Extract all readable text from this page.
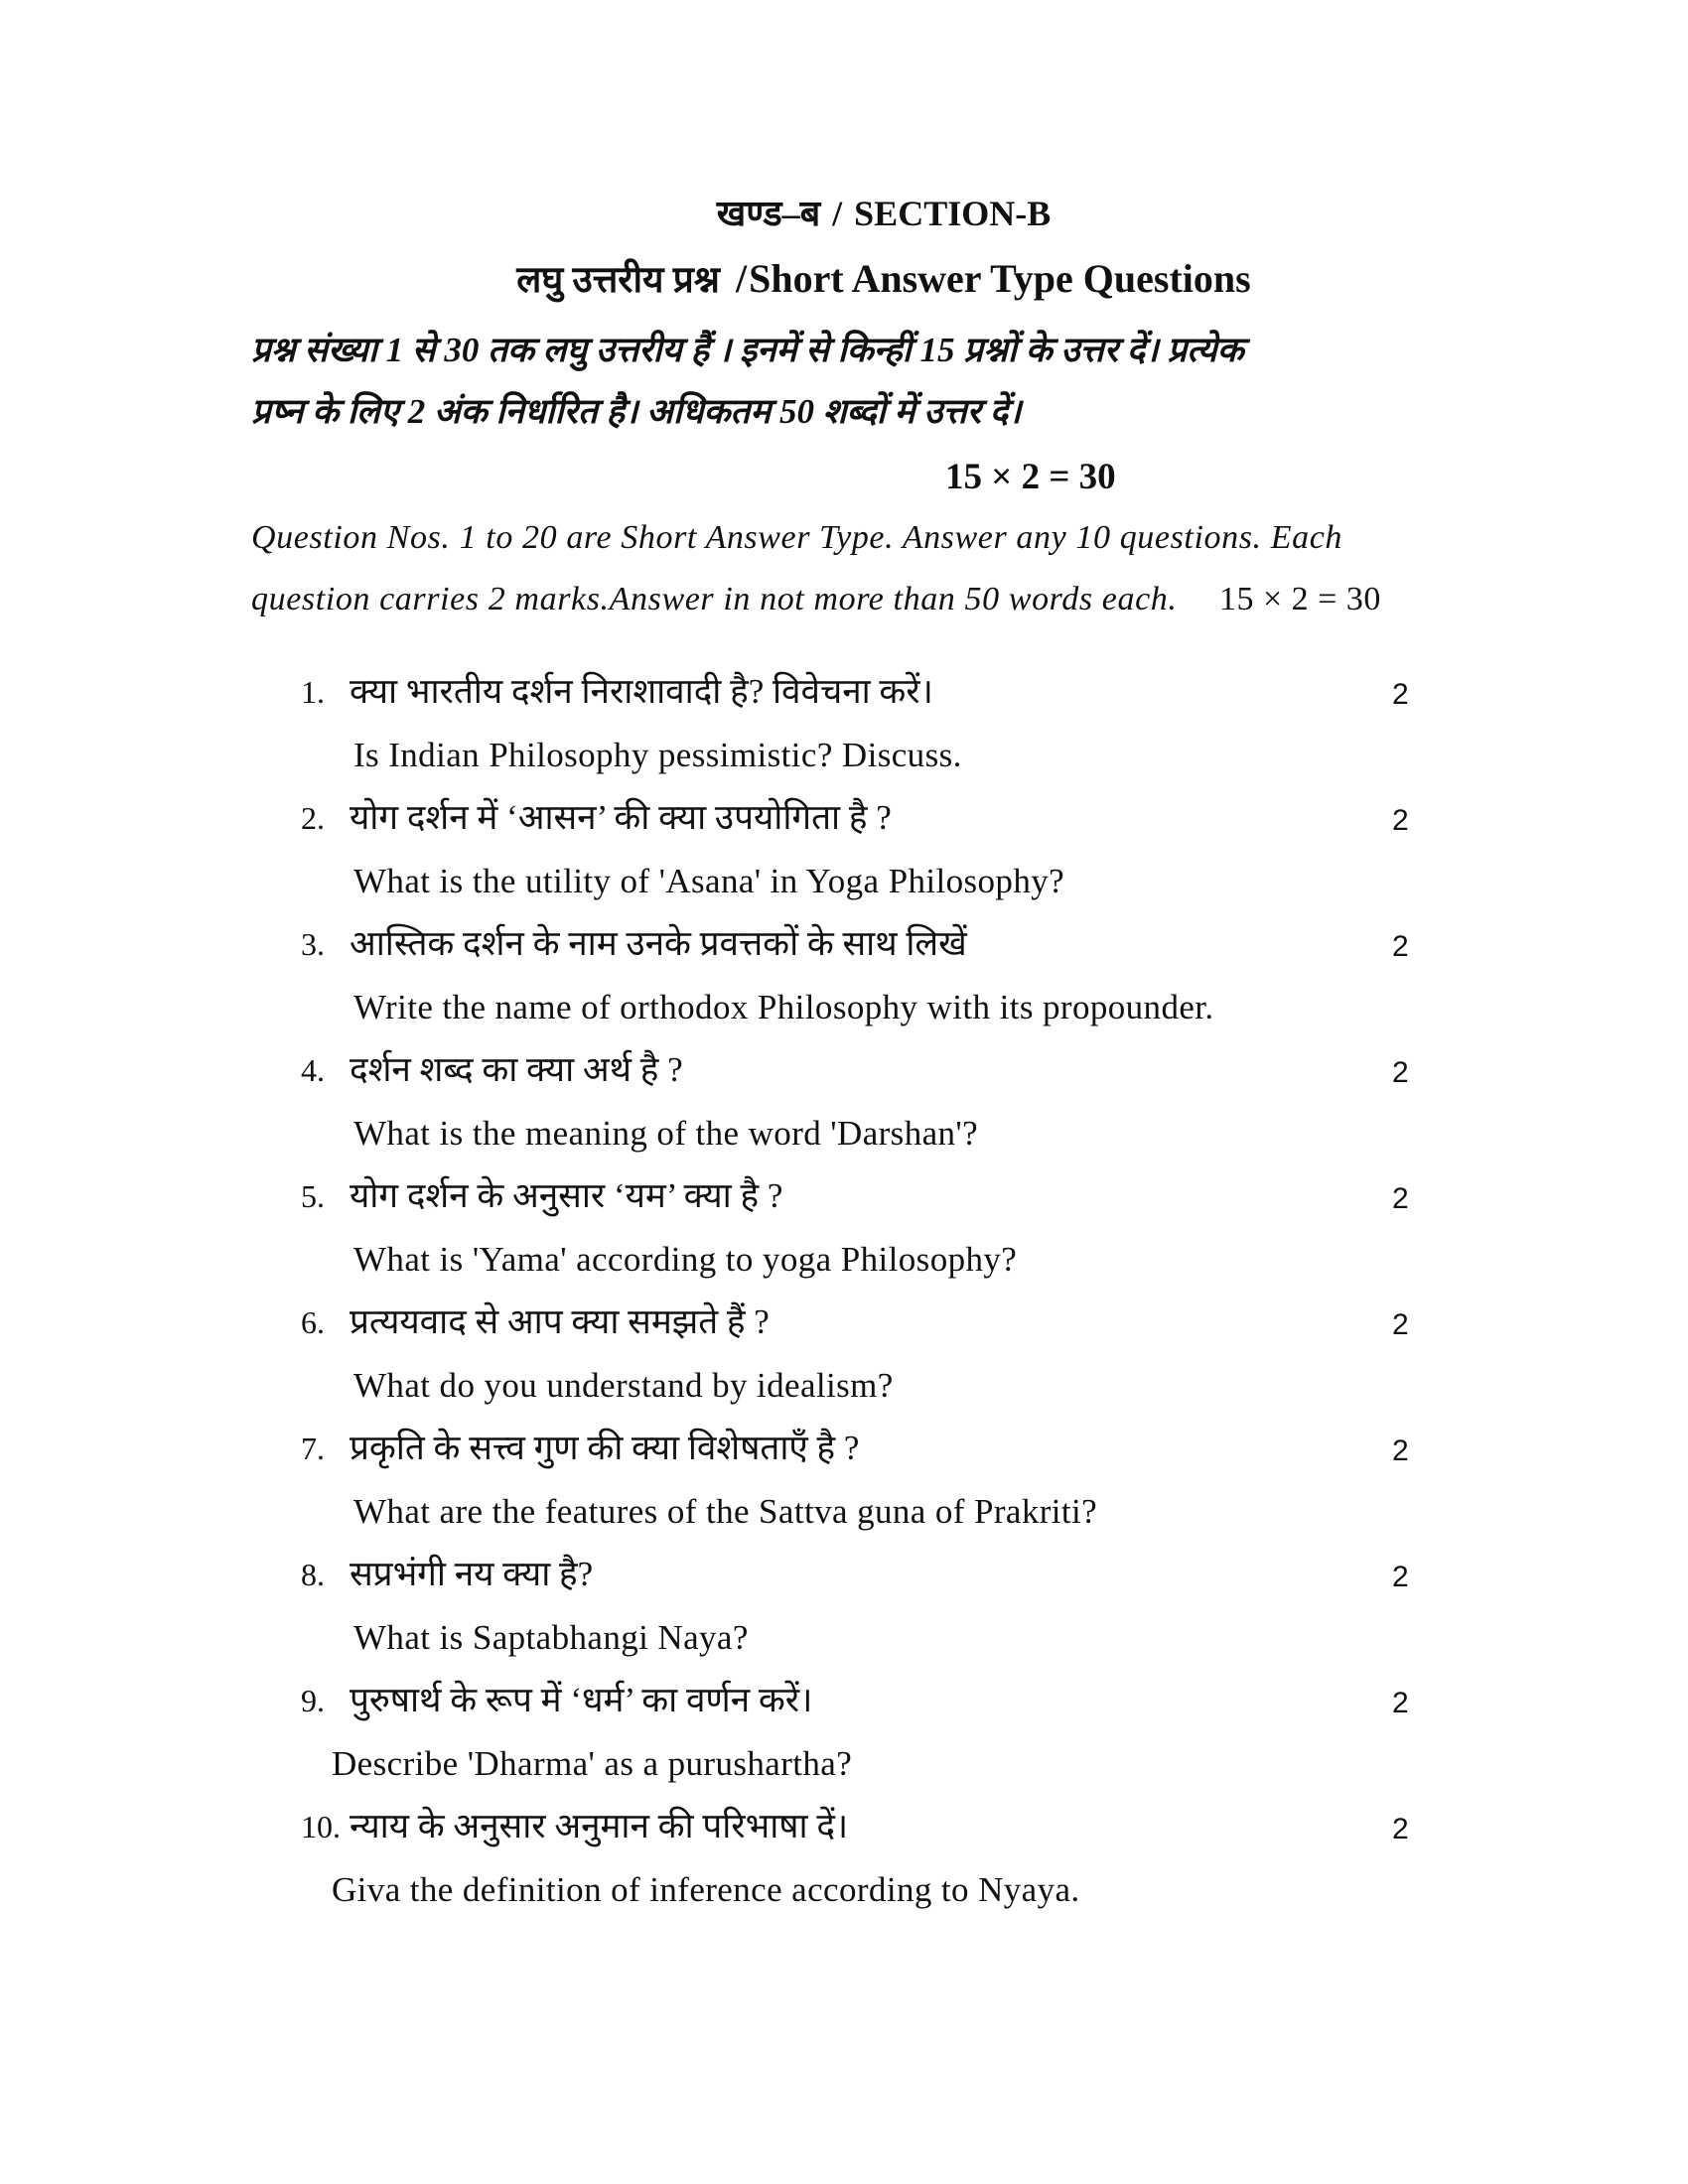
खण्ड–ब / SECTION-B
लघु उत्तरीय प्रश्न /Short Answer Type Questions
प्रश्न संख्या 1 से 30 तक लघु उत्तरीय हैं । इनमें से किन्हीं 15 प्रश्नों के उत्तर दें। प्रत्येक
प्रष्न के लिए 2 अंक निर्धारित है। अधिकतम 50 शब्दों में उत्तर दें।
15 × 2 = 30
Question Nos. 1 to 20 are Short Answer Type. Answer any 10 questions. Each
question carries 2 marks.Answer in not more than 50 words each. 15 × 2 = 30
1. क्या भारतीय दर्शन निराशावादी है? विवेचना करें।	2
Is Indian Philosophy pessimistic? Discuss.
2. योग दर्शन में ‘आसन’ की क्या उपयोगिता है ?	2
What is the utility of 'Asana' in Yoga Philosophy?
3. आस्तिक दर्शन के नाम उनके प्रवत्तकों के साथ लिखें	2
Write the name of orthodox Philosophy with its propounder.
4. दर्शन शब्द का क्या अर्थ है ?	2
What is the meaning of the word 'Darshan'?
5. योग दर्शन के अनुसार ‘यम’ क्या है ?	2
What is 'Yama' according to yoga Philosophy?
6. प्रत्ययवाद से आप क्या समझते हैं ?	2
What do you understand by idealism?
7. प्रकृति के सत्त्व गुण की क्या विशेषताएँ है ?	2
What are the features of the Sattva guna of Prakriti?
8. सप्रभंगी नय क्या है?	2
What is Saptabhangi Naya?
9. पुरुषार्थ के रूप में ‘धर्म’ का वर्णन करें।	2
Describe 'Dharma' as a purushartha?
10. न्याय के अनुसार अनुमान की परिभाषा दें।	2
Giva the definition of inference according to Nyaya.
